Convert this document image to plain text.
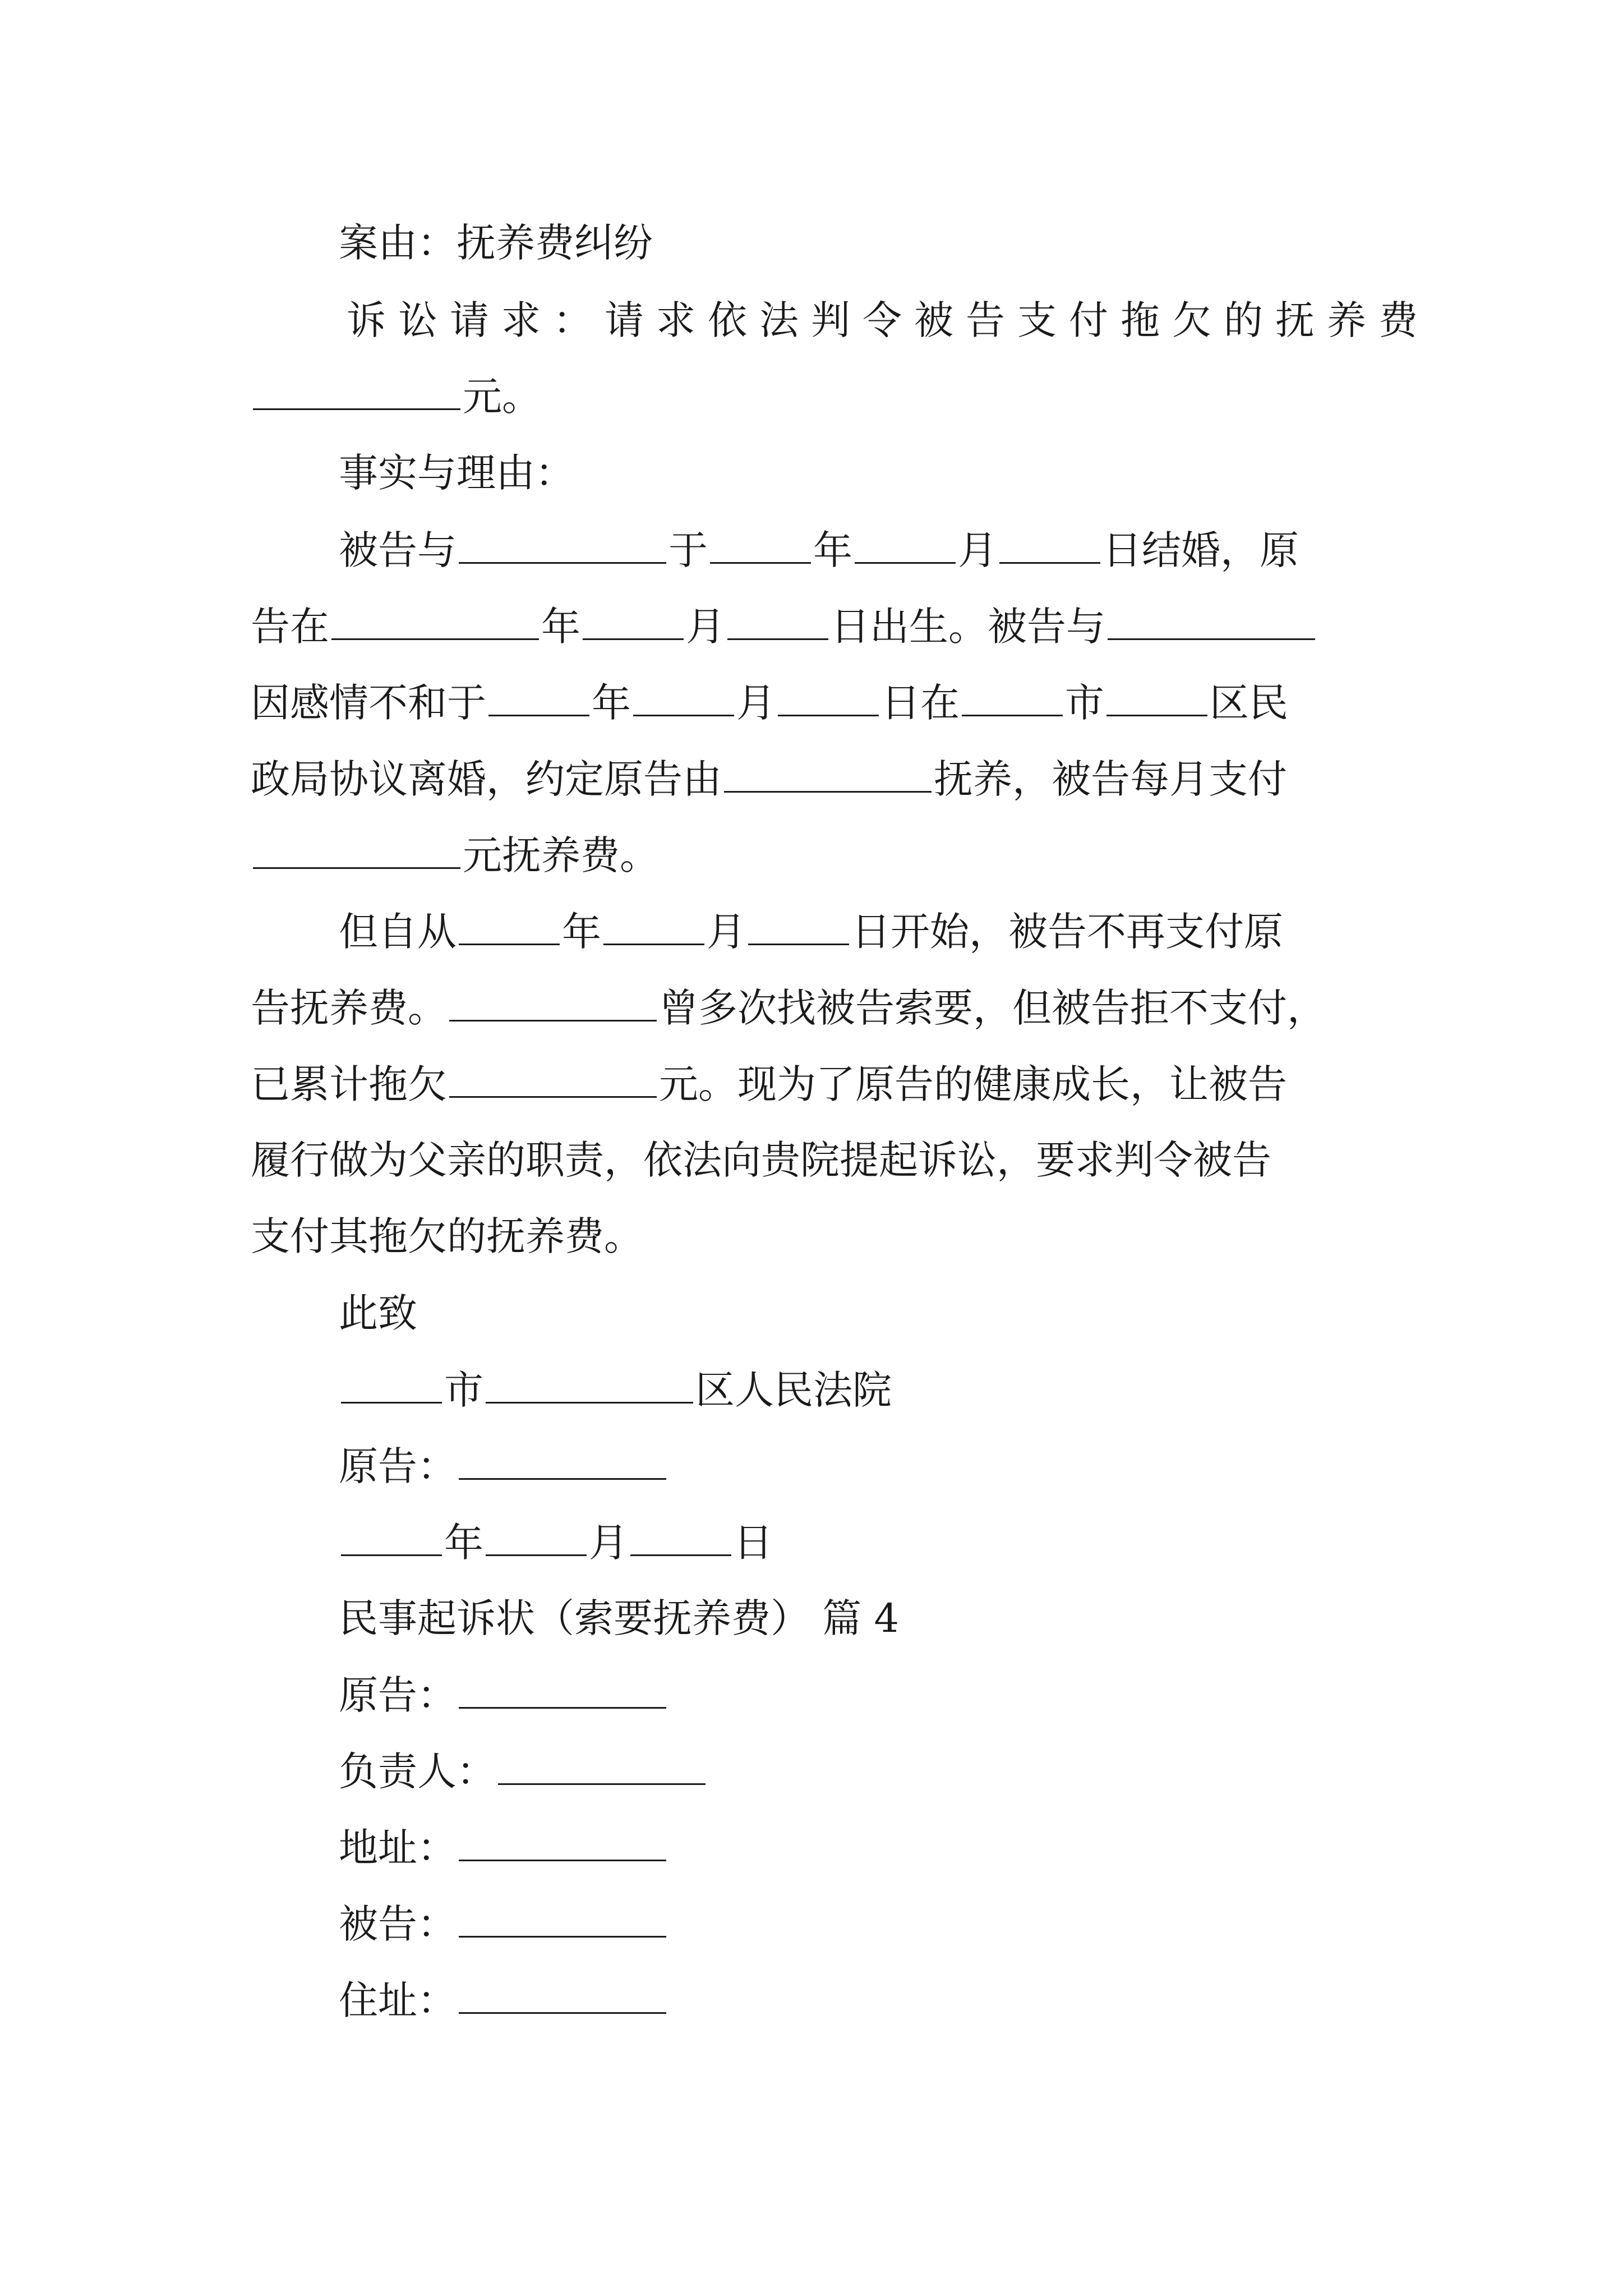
案由：抚养费纠纷
诉讼请求：请求依法判令被告支付拖欠的抚养费
元。
事实与理由：
被告与	于	年	月	日结婚，原
告在	年	月	日出生。被告与
因感情不和于	年	月	日在	市	区民
政局协议离婚，约定原告由	抚养，被告每月支付
元抚养费。
但自从	年	月	日开始，被告不再支付原
告抚养费。	曾多次找被告索要，但被告拒不支付，
已累计拖欠	元。现为了原告的健康成长，让被告
履行做为父亲的职责，依法向贵院提起诉讼，要求判令被告
支付其拖欠的抚养费。
此致
市	区人民法院
原告：
年	月	日
民事起诉状（索要抚养费） 篇 4
原告：
负责人：
地址：
被告：
住址：
